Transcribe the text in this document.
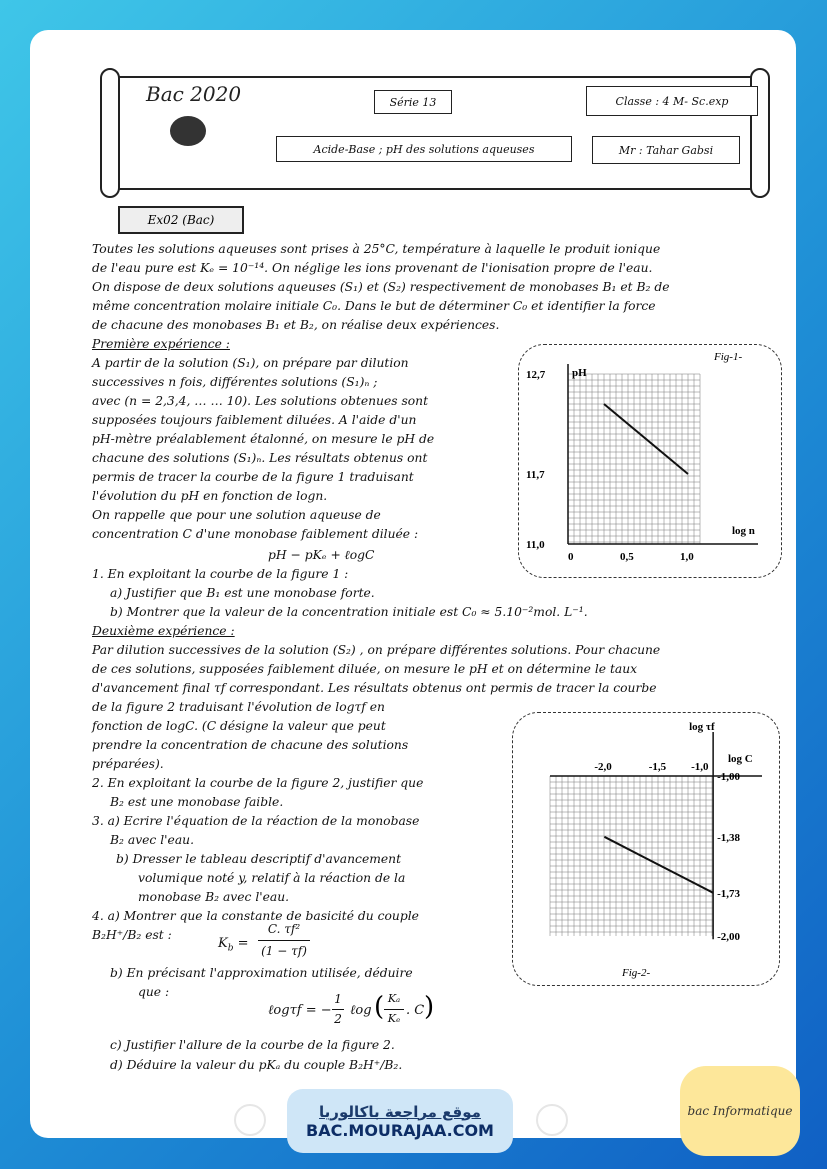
Bac 2020	Série 13	Classe : 4 M- Sc.exp
Acide-Base ; pH des solutions aqueuses	Mr : Tahar Gabsi
Ex02 (Bac)
Toutes les solutions aqueuses sont prises à 25°C, température à laquelle le produit ionique
de l'eau pure est Kₑ = 10⁻¹⁴. On néglige les ions provenant de l'ionisation propre de l'eau.
On dispose de deux solutions aqueuses (S₁) et (S₂) respectivement de monobases B₁ et B₂ de
même concentration molaire initiale C₀. Dans le but de déterminer C₀ et identifier la force
de chacune des monobases B₁ et B₂, on réalise deux expériences.
Première expérience :
A partir de la solution (S₁), on prépare par dilution
successives n fois, différentes solutions (S₁)ₙ ;
avec (n = 2,3,4, … … 10). Les solutions obtenues sont
supposées toujours faiblement diluées. A l'aide d'un
pH-mètre préalablement étalonné, on mesure le pH de
chacune des solutions (S₁)ₙ. Les résultats obtenus ont
permis de tracer la courbe de la figure 1 traduisant
l'évolution du pH en fonction de logn.
On rappelle que pour une solution aqueuse de
concentration C d'une monobase faiblement diluée :
pH − pKₑ + ℓogC
1. En exploitant la courbe de la figure 1 :
a) Justifier que B₁ est une monobase forte.
b) Montrer que la valeur de la concentration initiale est C₀ ≈ 5.10⁻²mol. L⁻¹.
pH
log n
Fig-1-
12,7
11,7
11,0
0	0,5	1,0
Deuxième expérience :
Par dilution successives de la solution (S₂) , on prépare différentes solutions. Pour chacune
de ces solutions, supposées faiblement diluée, on mesure le pH et on détermine le taux
d'avancement final τf correspondant. Les résultats obtenus ont permis de tracer la courbe
de la figure 2 traduisant l'évolution de logτf en
fonction de logC. (C désigne la valeur que peut
prendre la concentration de chacune des solutions
préparées).
2. En exploitant la courbe de la figure 2, justifier que
B₂ est une monobase faible.
3. a) Ecrire l'équation de la réaction de la monobase
B₂ avec l'eau.
b) Dresser le tableau descriptif d'avancement
volumique noté y, relatif à la réaction de la
monobase B₂ avec l'eau.
4. a) Montrer que la constante de basicité du couple
B₂H⁺/B₂ est :
$K_b$ =
C. τf²
(1 − τf)
b) En précisant l'approximation utilisée, déduire
que :
ℓogτf = −
1
2
ℓog ( Kₐ
Kₑ
. C )
c) Justifier l'allure de la courbe de la figure 2.
d) Déduire la valeur du pKₐ du couple B₂H⁺/B₂.
log τf
log C
Fig-2-
-2,0	-1,5 -1,0
-1,00
-1,38
-1,73
-2,00
موقع مراجعة باكالوريا
BAC.MOURAJAA.COM
bac Informatique
